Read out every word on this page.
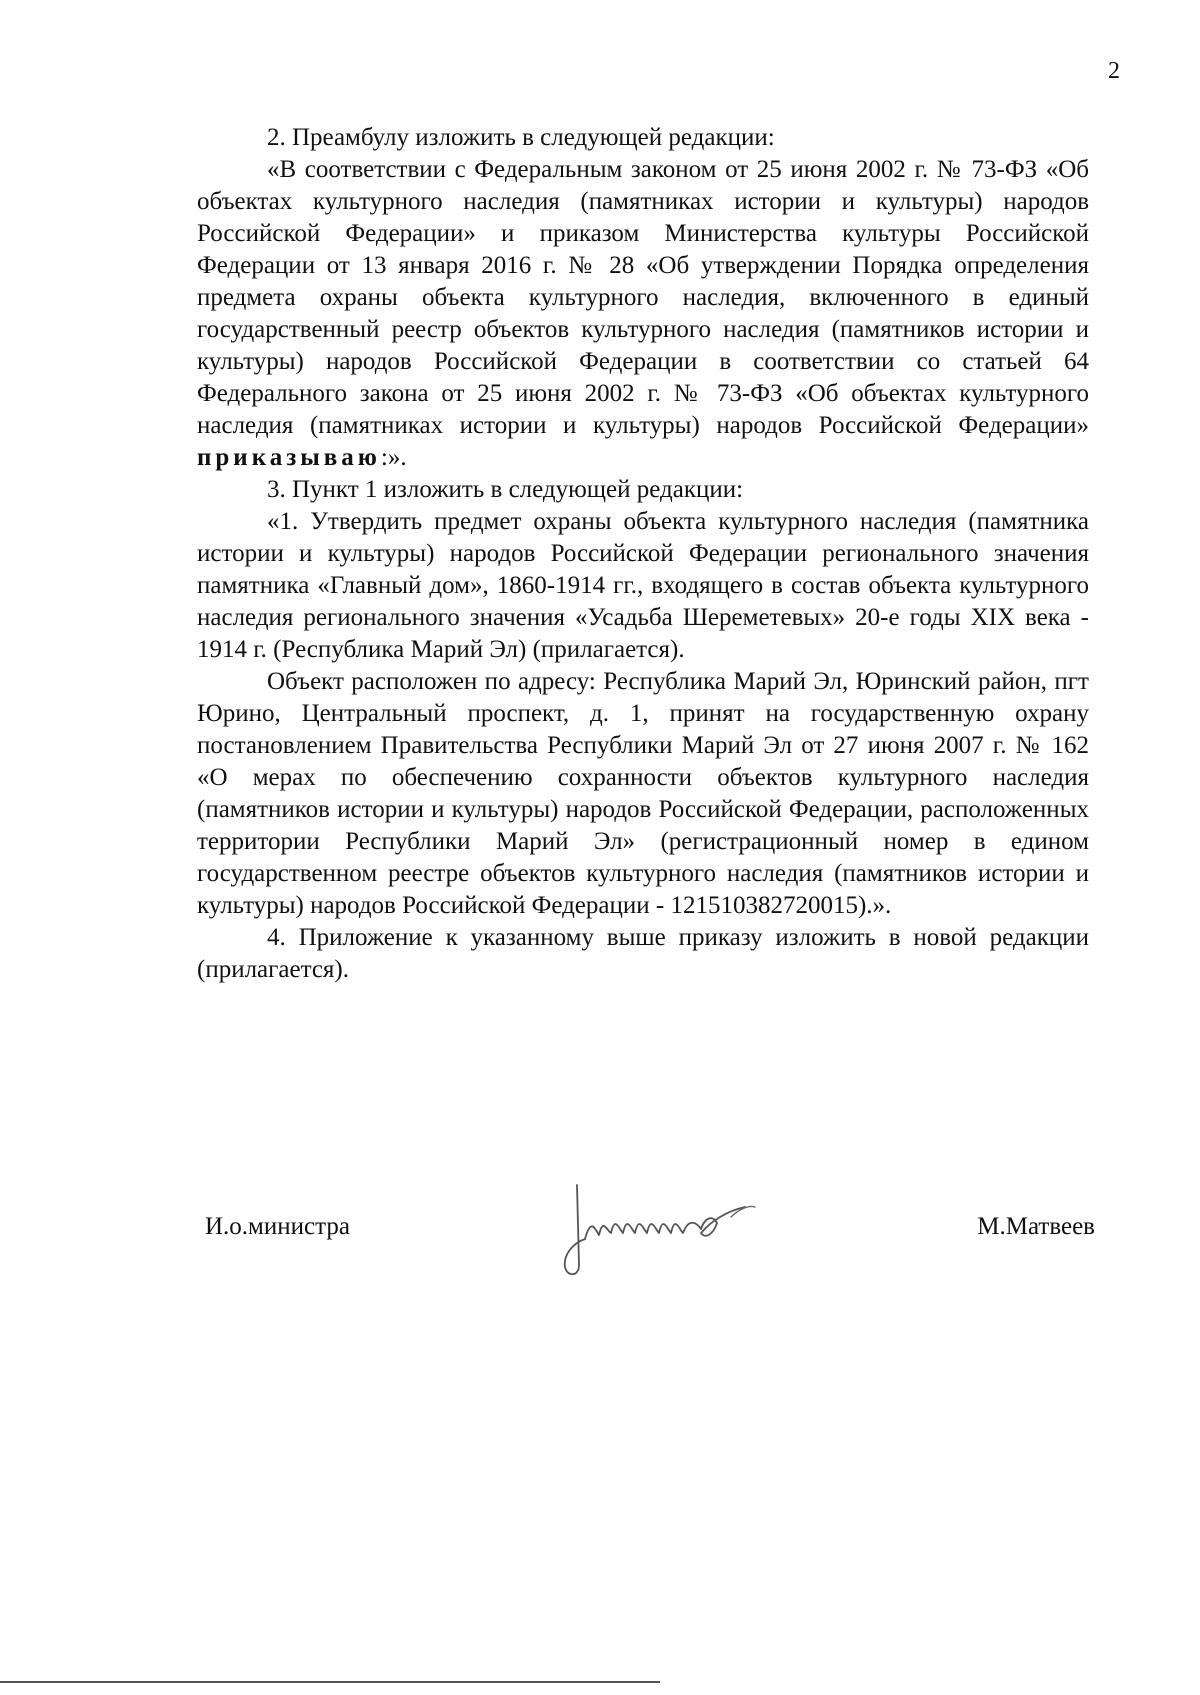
2

2. Преамбулу изложить в следующей редакции:

«В соответствии с Федеральным законом от 25 июня 2002 г. № 73-ФЗ «Об объектах культурного наследия (памятниках истории и культуры) народов Российской Федерации» и приказом Министерства культуры Российской Федерации от 13 января 2016 г. № 28 «Об утверждении Порядка определения предмета охраны объекта культурного наследия, включенного в единый государственный реестр объектов культурного наследия (памятников истории и культуры) народов Российской Федерации в соответствии со статьей 64 Федерального закона от 25 июня 2002 г. № 73-ФЗ «Об объектах культурного наследия (памятниках истории и культуры) народов Российской Федерации» приказываю:».

3. Пункт 1 изложить в следующей редакции:

«1. Утвердить предмет охраны объекта культурного наследия (памятника истории и культуры) народов Российской Федерации регионального значения памятника «Главный дом», 1860-1914 гг., входящего в состав объекта культурного наследия регионального значения «Усадьба Шереметевых» 20-е годы XIX века - 1914 г. (Республика Марий Эл) (прилагается).

Объект расположен по адресу: Республика Марий Эл, Юринский район, пгт Юрино, Центральный проспект, д. 1, принят на государственную охрану постановлением Правительства Республики Марий Эл от 27 июня 2007 г. № 162 «О мерах по обеспечению сохранности объектов культурного наследия (памятников истории и культуры) народов Российской Федерации, расположенных территории Республики Марий Эл» (регистрационный номер в едином государственном реестре объектов культурного наследия (памятников истории и культуры) народов Российской Федерации - 121510382720015).».

4. Приложение к указанному выше приказу изложить в новой редакции (прилагается).

И.о.министра	М.Матвеев
